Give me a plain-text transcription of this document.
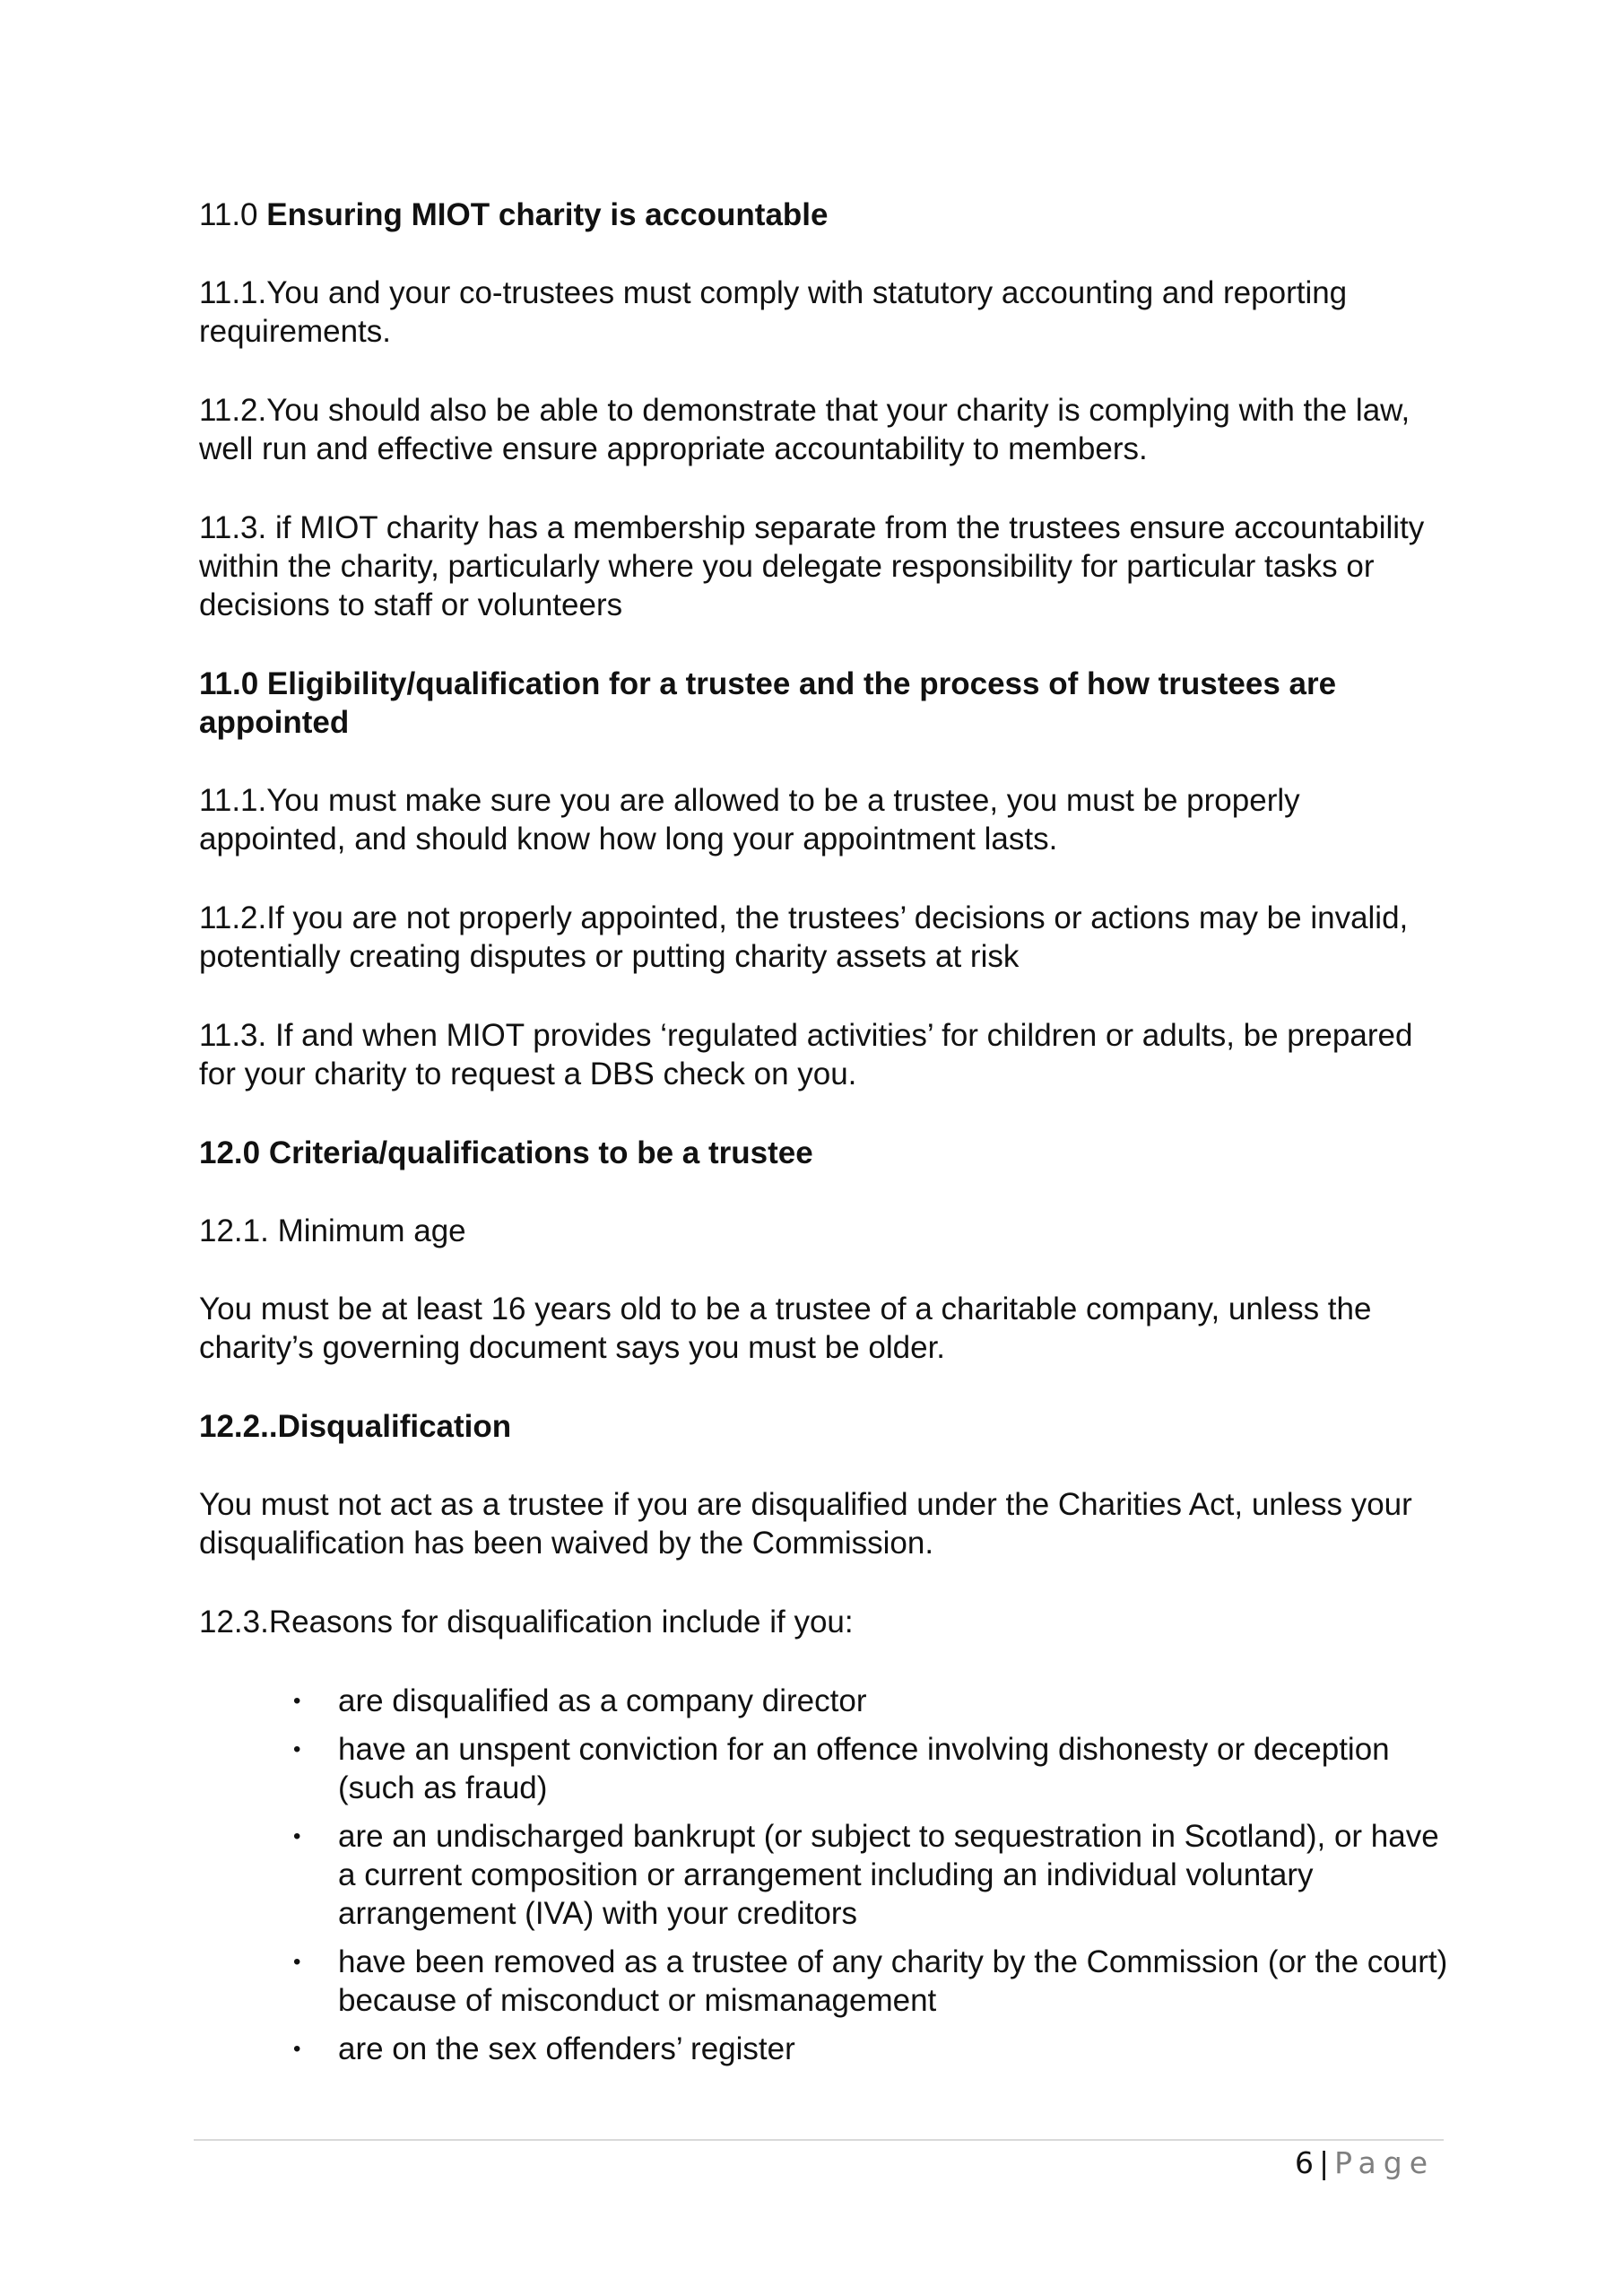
11.0 Ensuring MIOT charity is accountable

11.1.You and your co-trustees must comply with statutory accounting and reporting requirements.

11.2.You should also be able to demonstrate that your charity is complying with the law, well run and effective ensure appropriate accountability to members.

11.3. if MIOT charity has a membership separate from the trustees ensure accountability within the charity, particularly where you delegate responsibility for particular tasks or decisions to staff or volunteers

11.0 Eligibility/qualification for a trustee and the process of how trustees are appointed

11.1.You must make sure you are allowed to be a trustee, you must be properly appointed, and should know how long your appointment lasts.

11.2.If you are not properly appointed, the trustees’ decisions or actions may be invalid, potentially creating disputes or putting charity assets at risk

11.3. If and when MIOT provides ‘regulated activities’ for children or adults, be prepared for your charity to request a DBS check on you.

12.0 Criteria/qualifications to be a trustee

12.1. Minimum age

You must be at least 16 years old to be a trustee of a charitable company, unless the charity’s governing document says you must be older.

12.2..Disqualification

You must not act as a trustee if you are disqualified under the Charities Act, unless your disqualification has been waived by the Commission.

12.3.Reasons for disqualification include if you:

• are disqualified as a company director
• have an unspent conviction for an offence involving dishonesty or deception (such as fraud)
• are an undischarged bankrupt (or subject to sequestration in Scotland), or have a current composition or arrangement including an individual voluntary arrangement (IVA) with your creditors
• have been removed as a trustee of any charity by the Commission (or the court) because of misconduct or mismanagement
• are on the sex offenders’ register
6 | Page
